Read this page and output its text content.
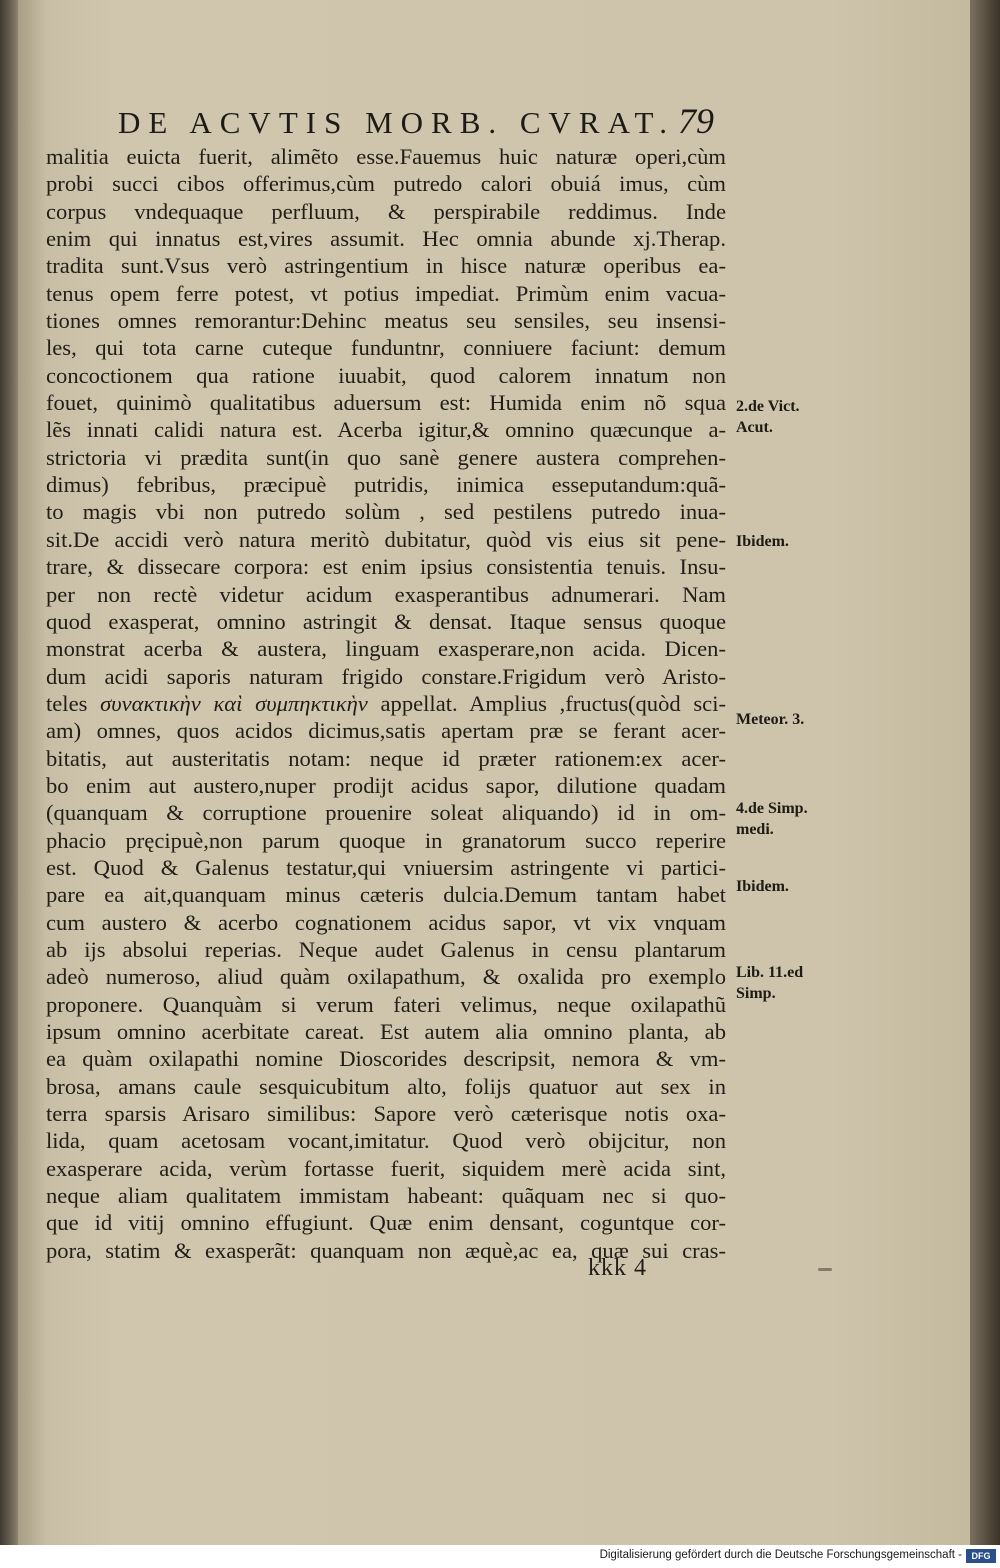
DE ACVTIS MORB. CVRAT. 79
malitia euicta fuerit, alimẽto esse.Fauemus huic naturæ operi,cùm
probi succi cibos offerimus,cùm putredo calori obuiá imus, cùm
corpus vndequaque perfluum, & perspirabile reddimus. Inde
enim qui innatus est,vires assumit. Hec omnia abunde xj.Therap.
tradita sunt.Vsus verò astringentium in hisce naturæ operibus ea-
tenus opem ferre potest, vt potius impediat. Primùm enim vacua-
tiones omnes remorantur:Dehinc meatus seu sensiles, seu insensi-
les, qui tota carne cuteque funduntnr, conniuere faciunt: demum
concoctionem qua ratione iuuabit, quod calorem innatum non
fouet, quinimò qualitatibus aduersum est: Humida enim nõ squa
lẽs innati calidi natura est. Acerba igitur,& omnino quæcunque a-
strictoria vi prædita sunt(in quo sanè genere austera comprehen-
dimus) febribus, præcipuè putridis, inimica esseputandum:quã-
to magis vbi non putredo solùm , sed pestilens putredo inua-
sit.De accidi verò natura meritò dubitatur, quòd vis eius sit pene-
trare, & dissecare corpora: est enim ipsius consistentia tenuis. Insu-
per non rectè videtur acidum exasperantibus adnumerari. Nam
quod exasperat, omnino astringit & densat. Itaque sensus quoque
monstrat acerba & austera, linguam exasperare,non acida. Dicen-
dum acidi saporis naturam frigido constare.Frigidum verò Aristo-
teles συνακτικὴν καὶ συμπηκτικὴν appellat. Amplius ,fructus(quòd sci-
am) omnes, quos acidos dicimus,satis apertam præ se ferant acer-
bitatis, aut austeritatis notam: neque id præter rationem:ex acer-
bo enim aut austero,nuper prodijt acidus sapor, dilutione quadam
(quanquam & corruptione prouenire soleat aliquando) id in om-
phacio pręcipuè,non parum quoque in granatorum succo reperire
est. Quod & Galenus testatur,qui vniuersim astringente vi partici-
pare ea ait,quanquam minus cæteris dulcia.Demum tantam habet
cum austero & acerbo cognationem acidus sapor, vt vix vnquam
ab ijs absolui reperias. Neque audet Galenus in censu plantarum
adeò numeroso, aliud quàm oxilapathum, & oxalida pro exemplo
proponere. Quanquàm si verum fateri velimus, neque oxilapathũ
ipsum omnino acerbitate careat. Est autem alia omnino planta, ab
ea quàm oxilapathi nomine Dioscorides descripsit, nemora & vm-
brosa, amans caule sesquicubitum alto, folijs quatuor aut sex in
terra sparsis Arisaro similibus: Sapore verò cæterisque notis oxa-
lida, quam acetosam vocant,imitatur. Quod verò obijcitur, non
exasperare acida, verùm fortasse fuerit, siquidem merè acida sint,
neque aliam qualitatem immistam habeant: quãquam nec si quo-
que id vitij omnino effugiunt. Quæ enim densant, coguntque cor-
pora, statim & exasperãt: quanquam non æquè,ac ea, quæ sui cras-
2.de Vict.
Acut.
Ibidem.
Meteor. 3.
4.de Simp.
medi.
Ibidem.
Lib. 11.ed
Simp.
kkk 4
Digitalisierung gefördert durch die Deutsche Forschungsgemeinschaft -	DFG
